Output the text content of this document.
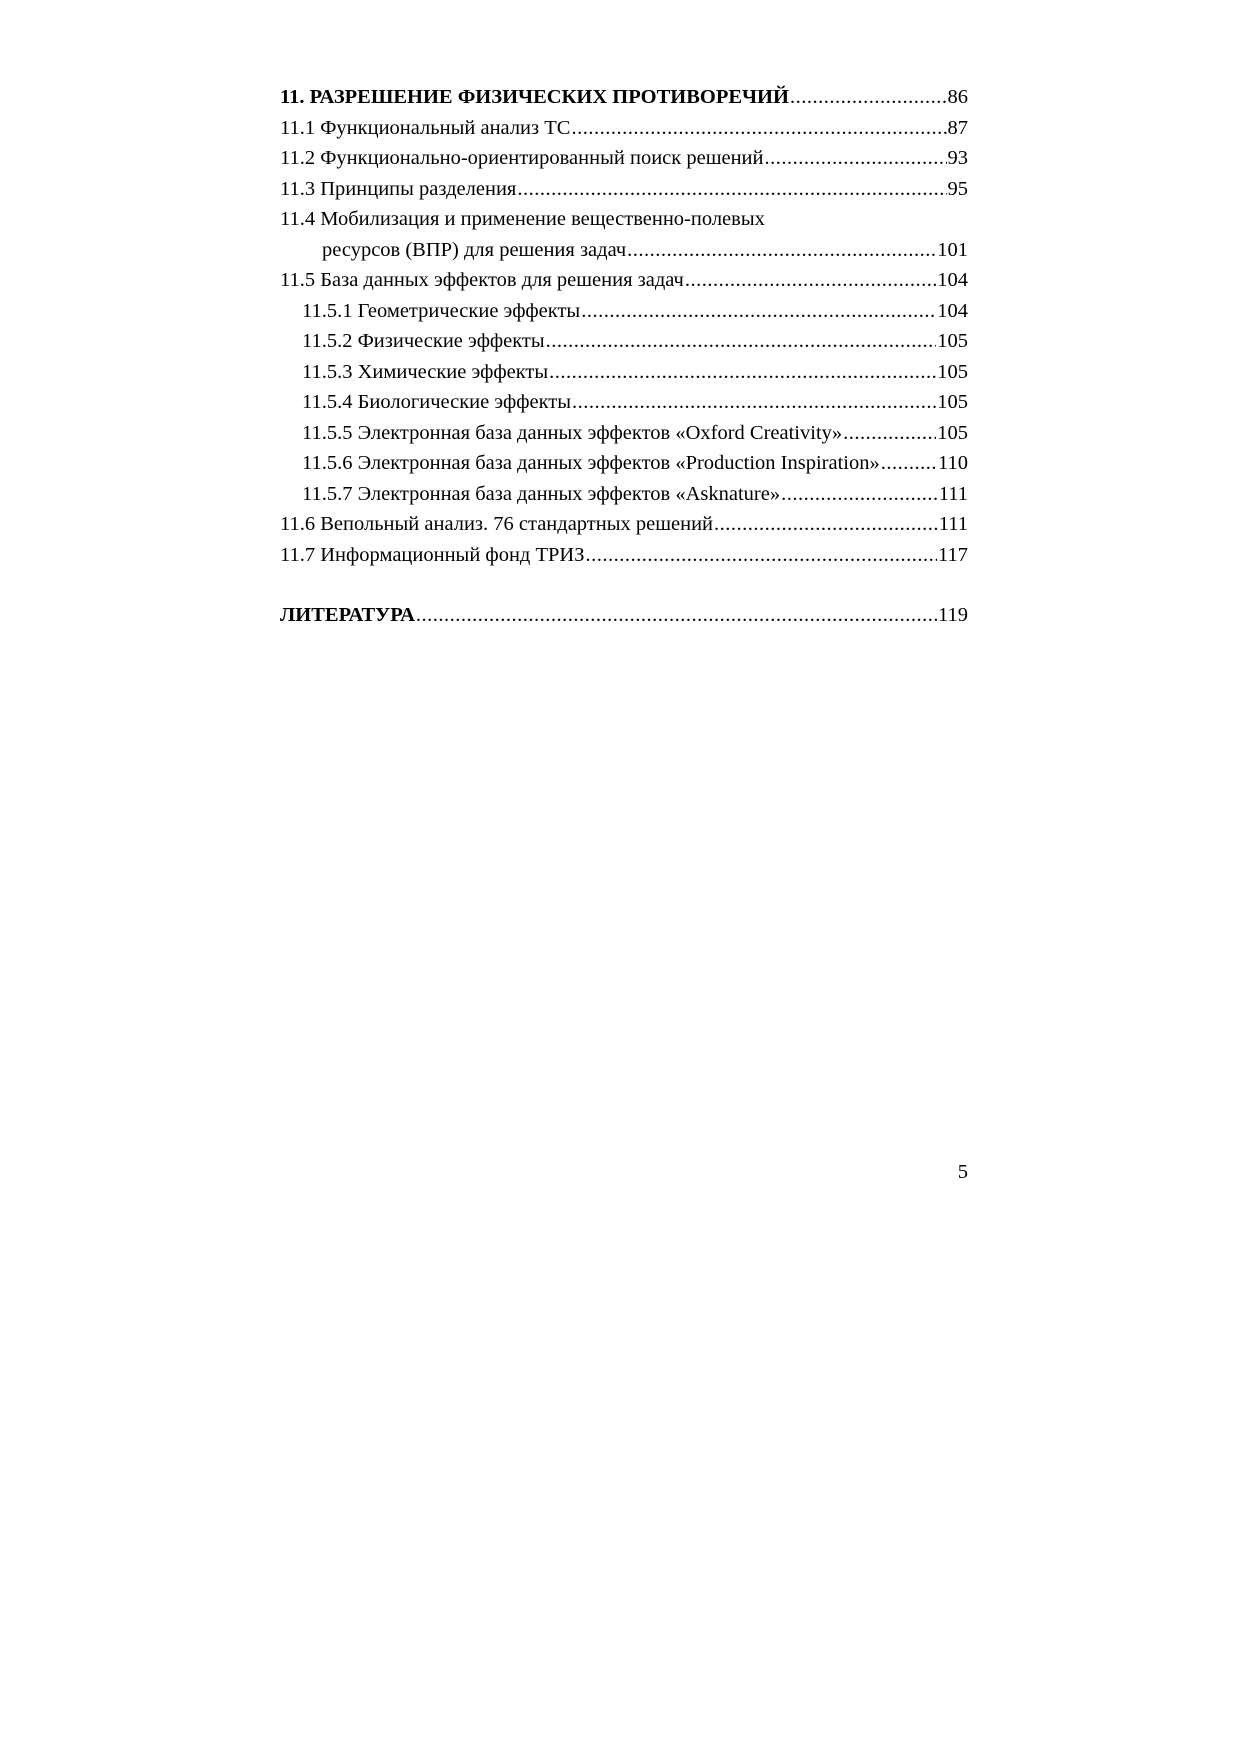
11. РАЗРЕШЕНИЕ ФИЗИЧЕСКИХ ПРОТИВОРЕЧИЙ .....	86
11.1 Функциональный анализ ТС .....	87
11.2 Функционально-ориентированный поиск решений .....	93
11.3 Принципы разделения .....	95
11.4 Мобилизация и применение вещественно-полевых
ресурсов (ВПР) для решения задач .....	101
11.5 База данных эффектов для решения задач .....	104
11.5.1 Геометрические эффекты .....	104
11.5.2 Физические эффекты .....	105
11.5.3 Химические эффекты .....	105
11.5.4 Биологические эффекты .....	105
11.5.5 Электронная база данных эффектов «Oxford Creativity» .....	105
11.5.6 Электронная база данных эффектов «Production Inspiration» .....	110
11.5.7 Электронная база данных эффектов «Asknature» .....	111
11.6 Вепольный анализ. 76 стандартных решений .....	111
11.7 Информационный фонд ТРИЗ .....	117
ЛИТЕРАТУРА .....	119
5
